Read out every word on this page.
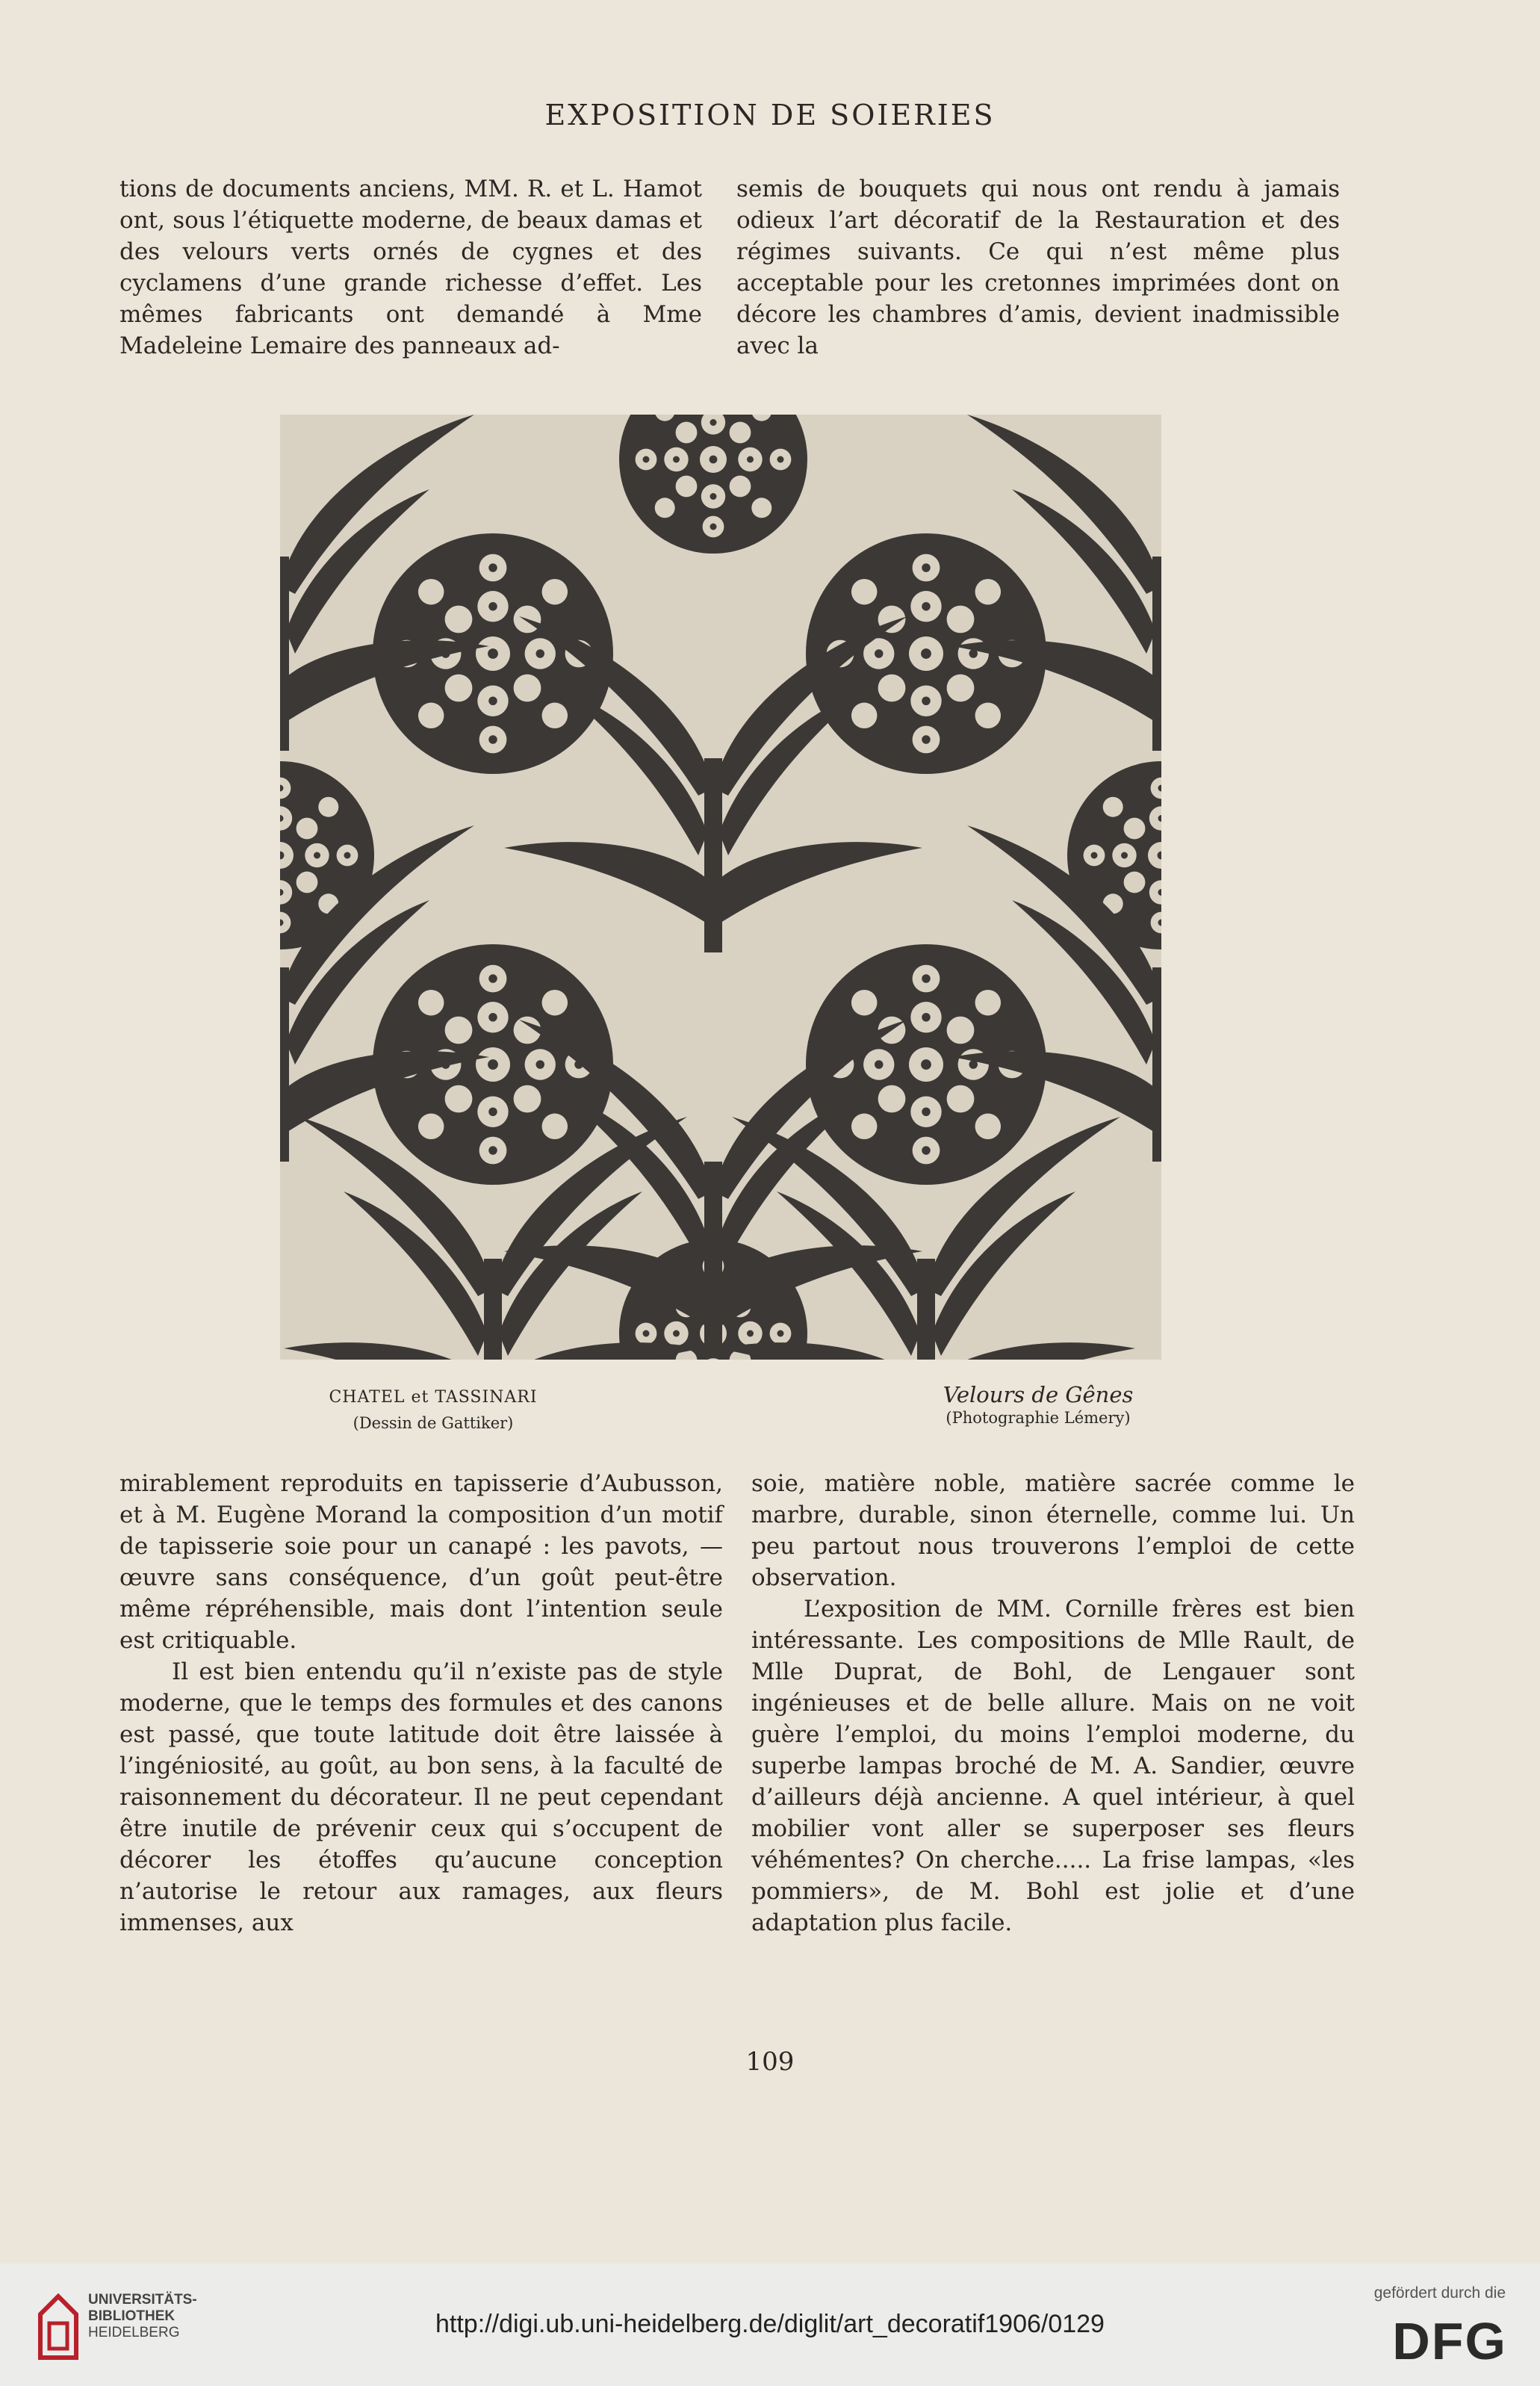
EXPOSITION DE SOIERIES

tions de documents anciens, MM. R. et L. Hamot ont, sous l’étiquette moderne, de beaux damas et des velours verts ornés de cygnes et des cyclamens d’une grande richesse d’effet. Les mêmes fabricants ont demandé à Mme Madeleine Lemaire des panneaux ad-

semis de bouquets qui nous ont rendu à jamais odieux l’art décoratif de la Restauration et des régimes suivants. Ce qui n’est même plus acceptable pour les cretonnes imprimées dont on décore les chambres d’amis, devient inadmissible avec la

CHATEL et TASSINARI
(Dessin de Gattiker)
Velours de Gênes
(Photographie Lémery)

mirablement reproduits en tapisserie d’Aubusson, et à M. Eugène Morand la composition d’un motif de tapisserie soie pour un canapé : les pavots, — œuvre sans conséquence, d’un goût peut-être même répréhensible, mais dont l’intention seule est critiquable.

Il est bien entendu qu’il n’existe pas de style moderne, que le temps des formules et des canons est passé, que toute latitude doit être laissée à l’ingéniosité, au goût, au bon sens, à la faculté de raisonnement du décorateur. Il ne peut cependant être inutile de prévenir ceux qui s’occupent de décorer les étoffes qu’aucune conception n’autorise le retour aux ramages, aux fleurs immenses, aux

soie, matière noble, matière sacrée comme le marbre, durable, sinon éternelle, comme lui. Un peu partout nous trouverons l’emploi de cette observation.

L’exposition de MM. Cornille frères est bien intéressante. Les compositions de Mlle Rault, de Mlle Duprat, de Bohl, de Lengauer sont ingénieuses et de belle allure. Mais on ne voit guère l’emploi, du moins l’emploi moderne, du superbe lampas broché de M. A. Sandier, œuvre d’ailleurs déjà ancienne. A quel intérieur, à quel mobilier vont aller se superposer ses fleurs véhémentes? On cherche..... La frise lampas, «les pommiers», de M. Bohl est jolie et d’une adaptation plus facile.

109
UNIVERSITÄTS-
BIBLIOTHEK
HEIDELBERG	http://digi.ub.uni-heidelberg.de/diglit/art_decoratif1906/0129
gefördert durch die
DFG
